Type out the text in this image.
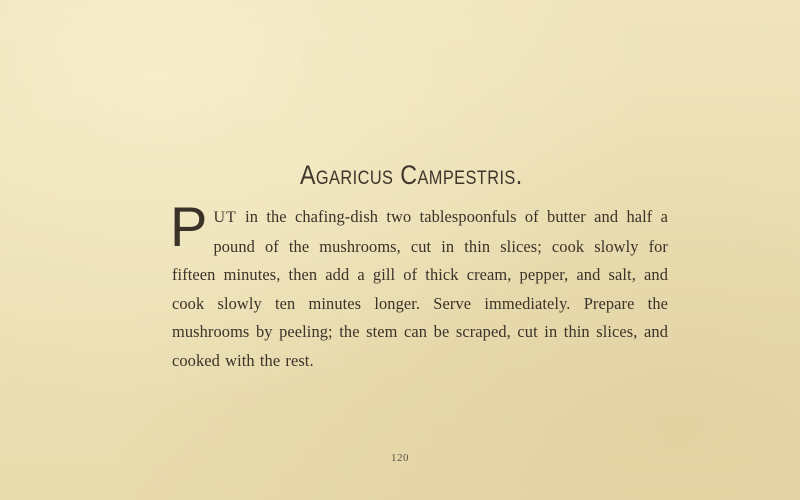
Agaricus Campestris.
PUT in the chafing-dish two tablespoonfuls of butter and half a pound of the mushrooms, cut in thin slices; cook slowly for fifteen minutes, then add a gill of thick cream, pepper, and salt, and cook slowly ten minutes longer. Serve immediately. Prepare the mushrooms by peeling; the stem can be scraped, cut in thin slices, and cooked with the rest.
120
